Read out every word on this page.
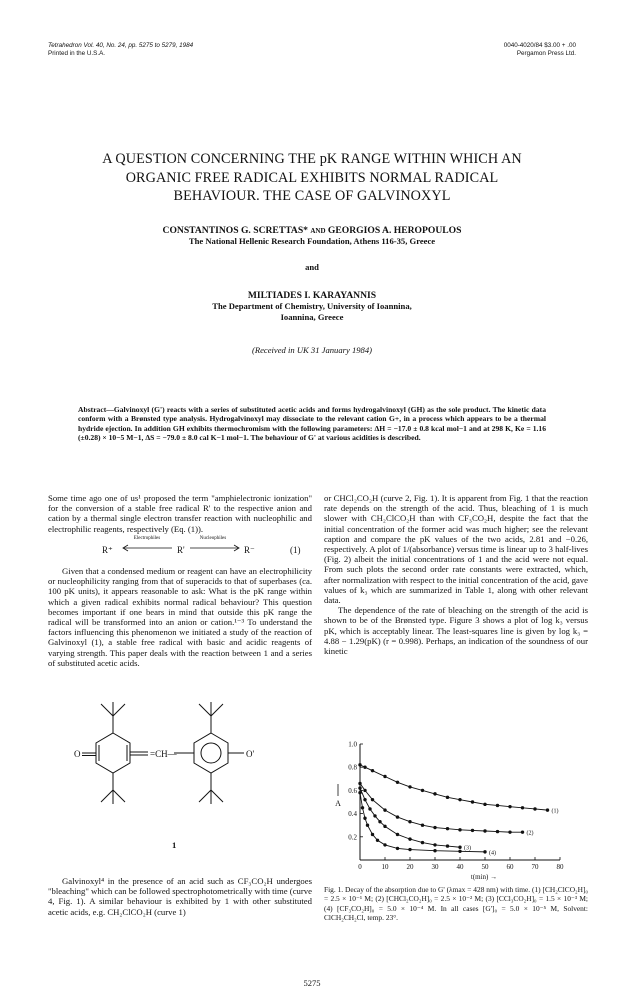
Tetrahedron Vol. 40, No. 24, pp. 5275 to 5279, 1984
Printed in the U.S.A.
0040-4020/84 $3.00 + .00
Pergamon Press Ltd.
A QUESTION CONCERNING THE pK RANGE WITHIN WHICH AN
ORGANIC FREE RADICAL EXHIBITS NORMAL RADICAL
BEHAVIOUR. THE CASE OF GALVINOXYL
CONSTANTINOS G. SCRETTAS* and GEORGIOS A. HEROPOULOS
The National Hellenic Research Foundation, Athens 116-35, Greece
and
MILTIADES I. KARAYANNIS
The Department of Chemistry, University of Ioannina,
Ioannina, Greece
(Received in UK 31 January 1984)
Abstract—Galvinoxyl (G') reacts with a series of substituted acetic acids and forms hydrogalvinoxyl (GH) as the sole product. The kinetic data conform with a Brønsted type analysis. Hydrogalvinoxyl may dissociate to the relevant cation G+, in a process which appears to be a thermal hydride ejection. In addition GH exhibits thermochromism with the following parameters: ΔH = −17.0 ± 0.8 kcal mol−1 and at 298 K, Ke = 1.16 (±0.28) × 10−5 M−1, ΔS = −79.0 ± 8.0 cal K−1 mol−1. The behaviour of G' at various acidities is described.

Some time ago one of us¹ proposed the term "amphielectronic ionization" for the conversion of a stable free radical R' to the respective anion and cation by a thermal single electron transfer reaction with nucleophilic and electrophilic reagents, respectively (Eq. (1)).

R⁺
Electrophiles
R'
Nucleophiles
R⁻	(1)

Given that a condensed medium or reagent can have an electrophilicity or nucleophilicity ranging from that of superacids to that of superbases (ca. 100 pK units), it appears reasonable to ask: What is the pK range within which a given radical exhibits normal radical behaviour? This question becomes important if one bears in mind that outside this pK range the radical will be transformed into an anion or cation.¹⁻³ To understand the factors influencing this phenomenon we initiated a study of the reaction of Galvinoxyl (1), a stable free radical with basic and acidic reagents of varying strength. This paper deals with the reaction between 1 and a series of substituted acetic acids.

O	=CH—	O'
1

Galvinoxyl⁴ in the presence of an acid such as CF₃CO₂H undergoes "bleaching" which can be followed spectrophotometrically with time (curve 4, Fig. 1). A similar behaviour is exhibited by 1 with other substituted acetic acids, e.g. CH₂ClCO₂H (curve 1)

or CHCl₂CO₂H (curve 2, Fig. 1). It is apparent from Fig. 1 that the reaction rate depends on the strength of the acid. Thus, bleaching of 1 is much slower with CH₂ClCO₂H than with CF₃CO₂H, despite the fact that the initial concentration of the former acid was much higher; see the relevant caption and compare the pK values of the two acids, 2.81 and −0.26, respectively. A plot of 1/(absorbance) versus time is linear up to 3 half-lives (Fig. 2) albeit the initial concentrations of 1 and the acid were not equal. From such plots the second order rate constants were extracted, which, after normalization with respect to the initial concentration of the acid, gave values of k₃ which are summarized in Table 1, along with other relevant data.

The dependence of the rate of bleaching on the strength of the acid is shown to be of the Brønsted type. Figure 3 shows a plot of log k₃ versus pK, which is acceptably linear. The least-squares line is given by log k₃ = 4.88 − 1.29(pK) (r = 0.998). Perhaps, an indication of the soundness of our kinetic

0	10	20	30	40	50	60	70	80
1.0
0.8
0.6
0.4
0.2
t(min) →
A
(1)
(2)
(3)
(4)
Fig. 1. Decay of the absorption due to G' (λmax = 428 nm) with time. (1) [CH₂ClCO₂H]₀ = 2.5 × 10⁻¹ M; (2) [CHCl₂CO₂H]₀ = 2.5 × 10⁻² M; (3) [CCl₃CO₂H]₀ = 1.5 × 10⁻³ M; (4) [CF₃CO₂H]₀ = 5.0 × 10⁻⁴ M. In all cases [G']₀ = 5.0 × 10⁻⁵ M, Solvent: ClCH₂CH₂Cl, temp. 23°.
5275
